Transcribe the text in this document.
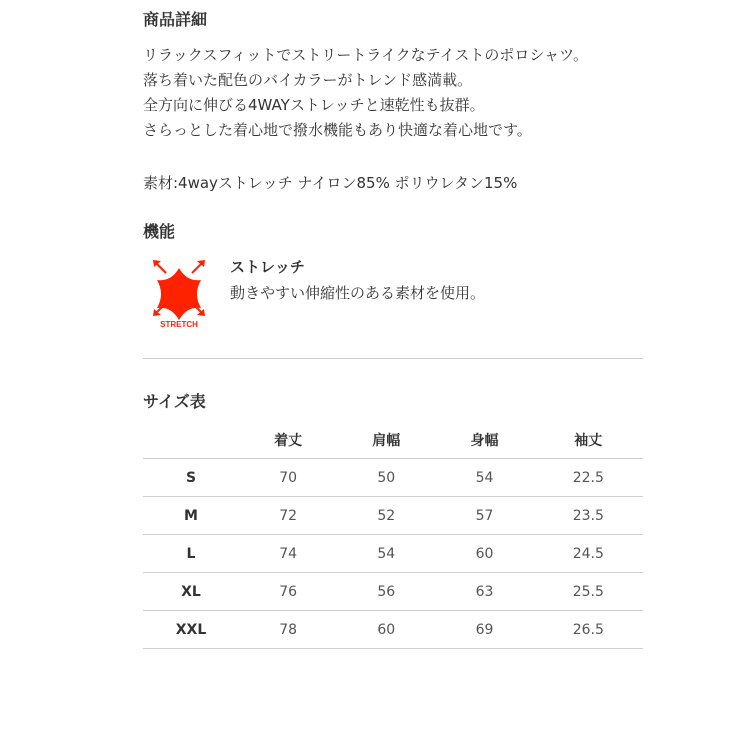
商品詳細

リラックスフィットでストリートライクなテイストのポロシャツ。

落ち着いた配色のバイカラーがトレンド感満載。

全方向に伸びる4WAYストレッチと速乾性も抜群。

さらっとした着心地で撥水機能もあり快適な着心地です。

素材:4wayストレッチ ナイロン85% ポリウレタン15%
機能
STRETCH
ストレッチ
動きやすい伸縮性のある素材を使用。
サイズ表
	着丈	肩幅	身幅	袖丈
S	70	50	54	22.5
M	72	52	57	23.5
L	74	54	60	24.5
XL	76	56	63	25.5
XXL	78	60	69	26.5
